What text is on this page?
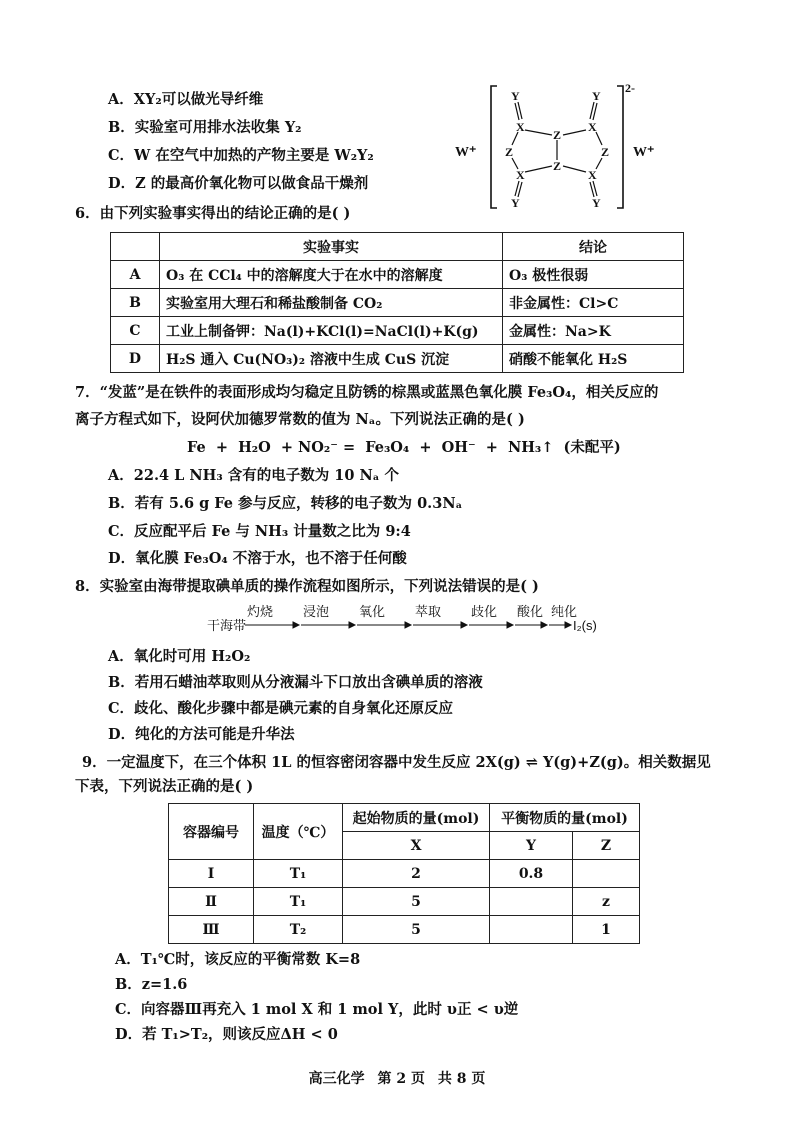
A．XY₂可以做光导纤维
B．实验室可用排水法收集 Y₂
C．W 在空气中加热的产物主要是 W₂Y₂
D．Z 的最高价氧化物可以做食品干燥剂
W⁺	W⁺
2-
Y	Y
X	X
Z
Z	Z
Z
X	X
Y	Y
6．由下列实验事实得出的结论正确的是( )
	实验事实	结论
A	O₃ 在 CCl₄ 中的溶解度大于在水中的溶解度	O₃ 极性很弱
B	实验室用大理石和稀盐酸制备 CO₂	非金属性：Cl>C
C	工业上制备钾：Na(l)+KCl(l)=NaCl(l)+K(g)	金属性：Na>K
D	H₂S 通入 Cu(NO₃)₂ 溶液中生成 CuS 沉淀	硝酸不能氧化 H₂S
7．“发蓝”是在铁件的表面形成均匀稳定且防锈的棕黑或蓝黑色氧化膜 Fe₃O₄，相关反应的
离子方程式如下，设阿伏加德罗常数的值为 Nₐ。下列说法正确的是( )
Fe  +  H₂O  + NO₂⁻ =  Fe₃O₄  +  OH⁻  +  NH₃↑  (未配平)
A．22.4 L NH₃ 含有的电子数为 10 Nₐ 个
B．若有 5.6 g Fe 参与反应，转移的电子数为 0.3Nₐ
C．反应配平后 Fe 与 NH₃ 计量数之比为 9:4
D．氧化膜 Fe₃O₄ 不溶于水，也不溶于任何酸
8．实验室由海带提取碘单质的操作流程如图所示，下列说法错误的是( )
干海带	I₂(s)
灼烧 浸泡 氧化 萃取 歧化 酸化 纯化
A．氧化时可用 H₂O₂
B．若用石蜡油萃取则从分液漏斗下口放出含碘单质的溶液
C．歧化、酸化步骤中都是碘元素的自身氧化还原反应
D．纯化的方法可能是升华法
9．一定温度下，在三个体积 1L 的恒容密闭容器中发生反应 2X(g) ⇌ Y(g)+Z(g)。相关数据见
下表，下列说法正确的是( )
容器编号	温度（℃）	起始物质的量(mol)	平衡物质的量(mol)	
		X	Y	Z
Ⅰ	T₁	2	0.8	
Ⅱ	T₁	5		z
Ⅲ	T₂	5		1
A．T₁℃时，该反应的平衡常数 K=8
B．z=1.6
C．向容器Ⅲ再充入 1 mol X 和 1 mol Y，此时 υ正 < υ逆
D．若 T₁>T₂，则该反应ΔH < 0
高三化学 第 2 页 共 8 页
